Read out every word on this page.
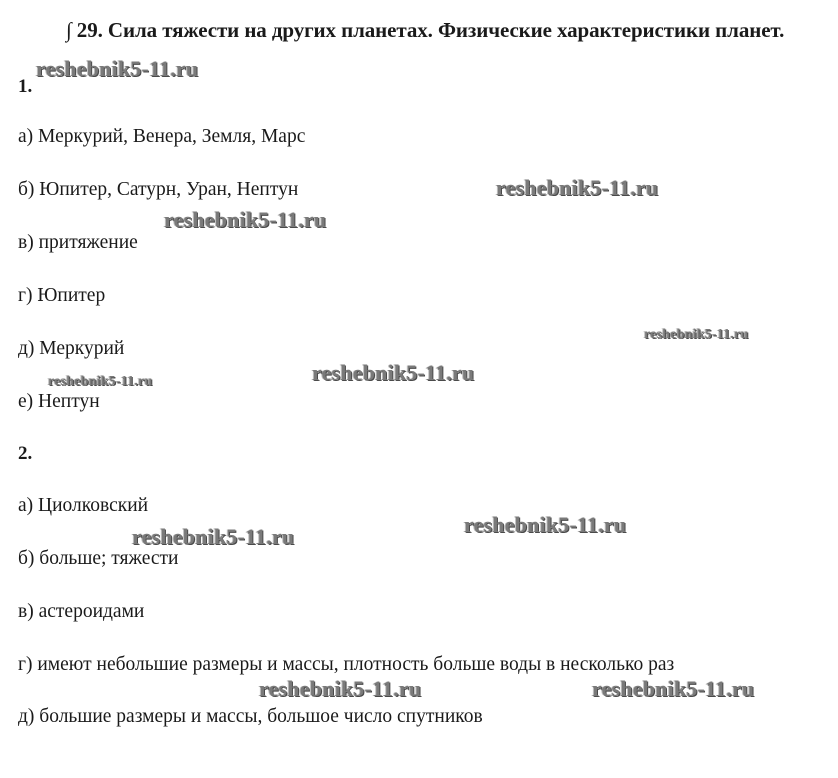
∫ 29. Сила тяжести на других планетах. Физические характеристики планет.
1.
а) Меркурий, Венера, Земля, Марс
б) Юпитер, Сатурн, Уран, Нептун
в) притяжение
г) Юпитер
д) Меркурий
е) Нептун
2.
а) Циолковский
б) больше; тяжести
в) астероидами
г) имеют небольшие размеры и массы, плотность больше воды в несколько раз
д) большие размеры и массы, большое число спутников
reshebnik5-11.ru
reshebnik5-11.ru
reshebnik5-11.ru
reshebnik5-11.ru
reshebnik5-11.ru
reshebnik5-11.ru
reshebnik5-11.ru
reshebnik5-11.ru
reshebnik5-11.ru	reshebnik5-11.ru
